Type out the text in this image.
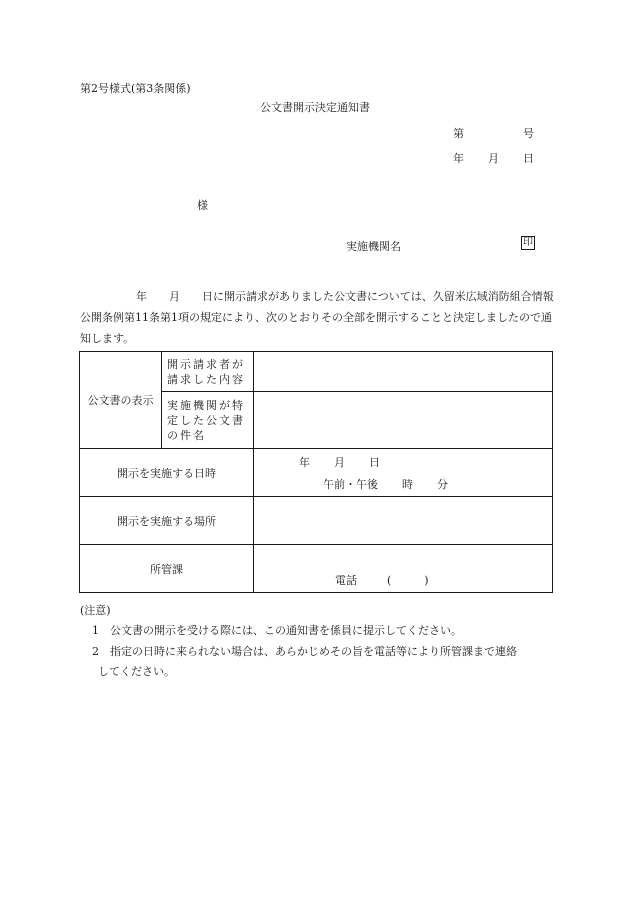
第2号様式(第3条関係)
公文書開示決定通知書
第	号
年 月 日
様
実施機関名	印
年 月 日に開示請求がありました公文書については、久留米広域消防組合情報公開条例第11条第1項の規定により、次のとおりその全部を開示することと決定しましたので通知します。
公文書の表示	開示請求者が請求した内容	
	実施機関が特定した公文書の件名	
開示を実施する日時		年 月 日
午前・午後 時 分

開示を実施する場所		
所管課		電話 (　　　)
(注意)
1　公文書の開示を受ける際には、この通知書を係員に提示してください。
2　指定の日時に来られない場合は、あらかじめその旨を電話等により所管課まで連絡
してください。
